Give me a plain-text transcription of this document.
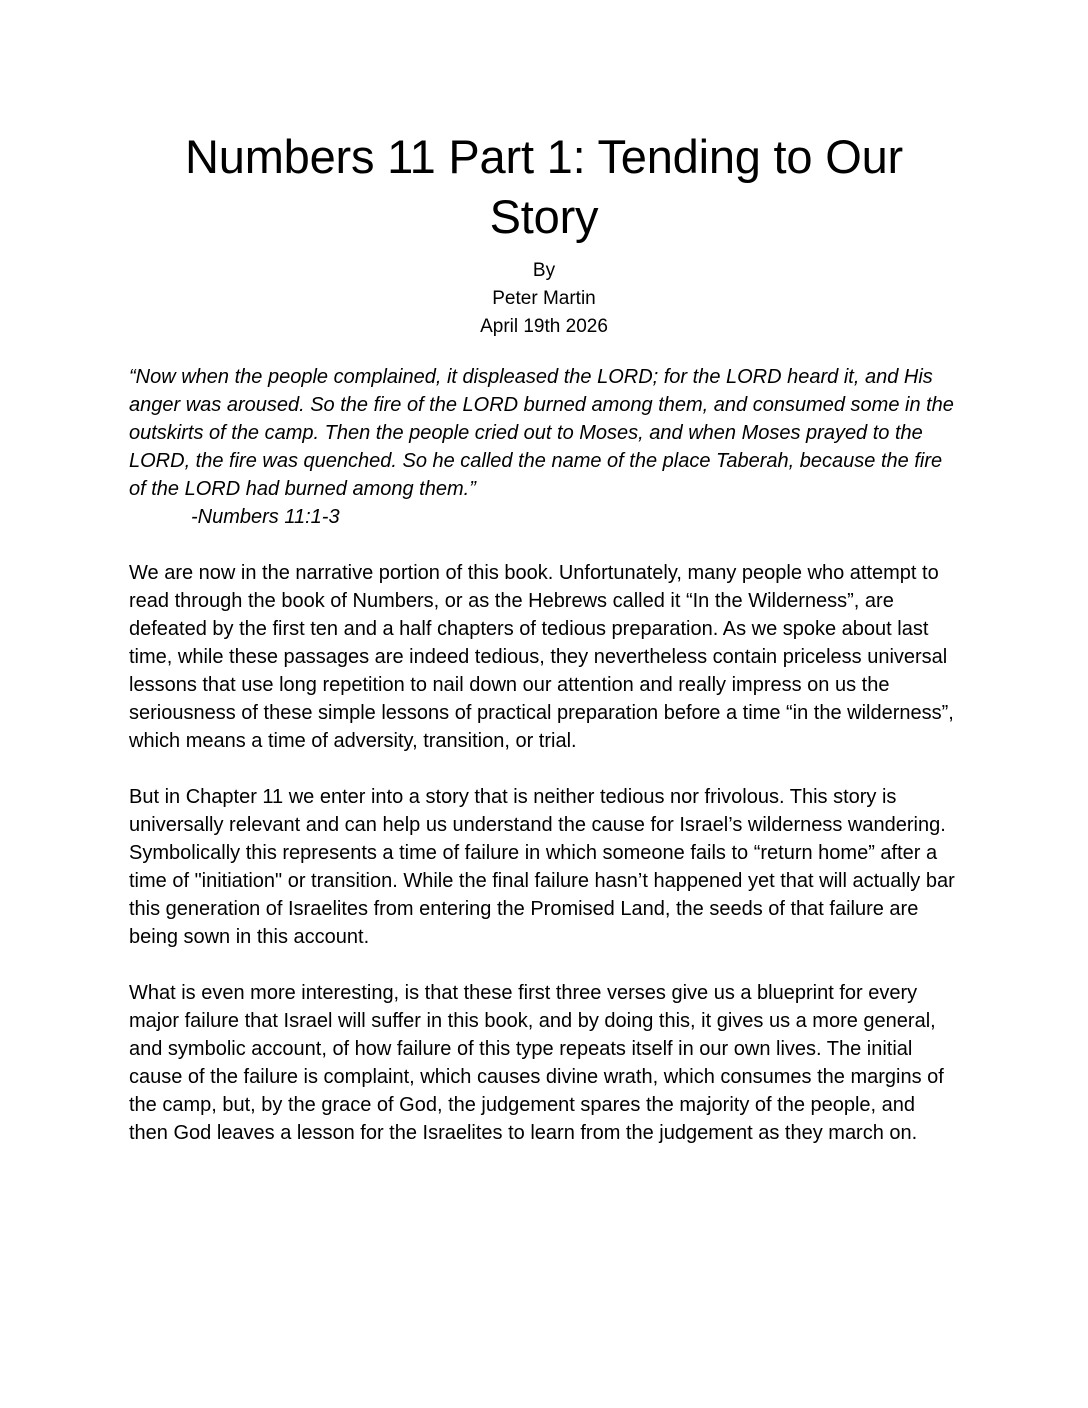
Numbers 11 Part 1: Tending to Our Story
By
Peter Martin
April 19th 2026
“Now when the people complained, it displeased the LORD; for the LORD heard it, and His anger was aroused. So the fire of the LORD burned among them, and consumed some in the outskirts of the camp. Then the people cried out to Moses, and when Moses prayed to the LORD, the fire was quenched. So he called the name of the place Taberah, because the fire of the LORD had burned among them.”
-Numbers 11:1-3

We are now in the narrative portion of this book. Unfortunately, many people who attempt to read through the book of Numbers, or as the Hebrews called it “In the Wilderness”, are defeated by the first ten and a half chapters of tedious preparation. As we spoke about last time, while these passages are indeed tedious, they nevertheless contain priceless universal lessons that use long repetition to nail down our attention and really impress on us the seriousness of these simple lessons of practical preparation before a time “in the wilderness”, which means a time of adversity, transition, or trial.

But in Chapter 11 we enter into a story that is neither tedious nor frivolous. This story is universally relevant and can help us understand the cause for Israel’s wilderness wandering. Symbolically this represents a time of failure in which someone fails to “return home” after a time of "initiation" or transition. While the final failure hasn’t happened yet that will actually bar this generation of Israelites from entering the Promised Land, the seeds of that failure are being sown in this account.

What is even more interesting, is that these first three verses give us a blueprint for every major failure that Israel will suffer in this book, and by doing this, it gives us a more general, and symbolic account, of how failure of this type repeats itself in our own lives. The initial cause of the failure is complaint, which causes divine wrath, which consumes the margins of the camp, but, by the grace of God, the judgement spares the majority of the people, and then God leaves a lesson for the Israelites to learn from the judgement as they march on.
